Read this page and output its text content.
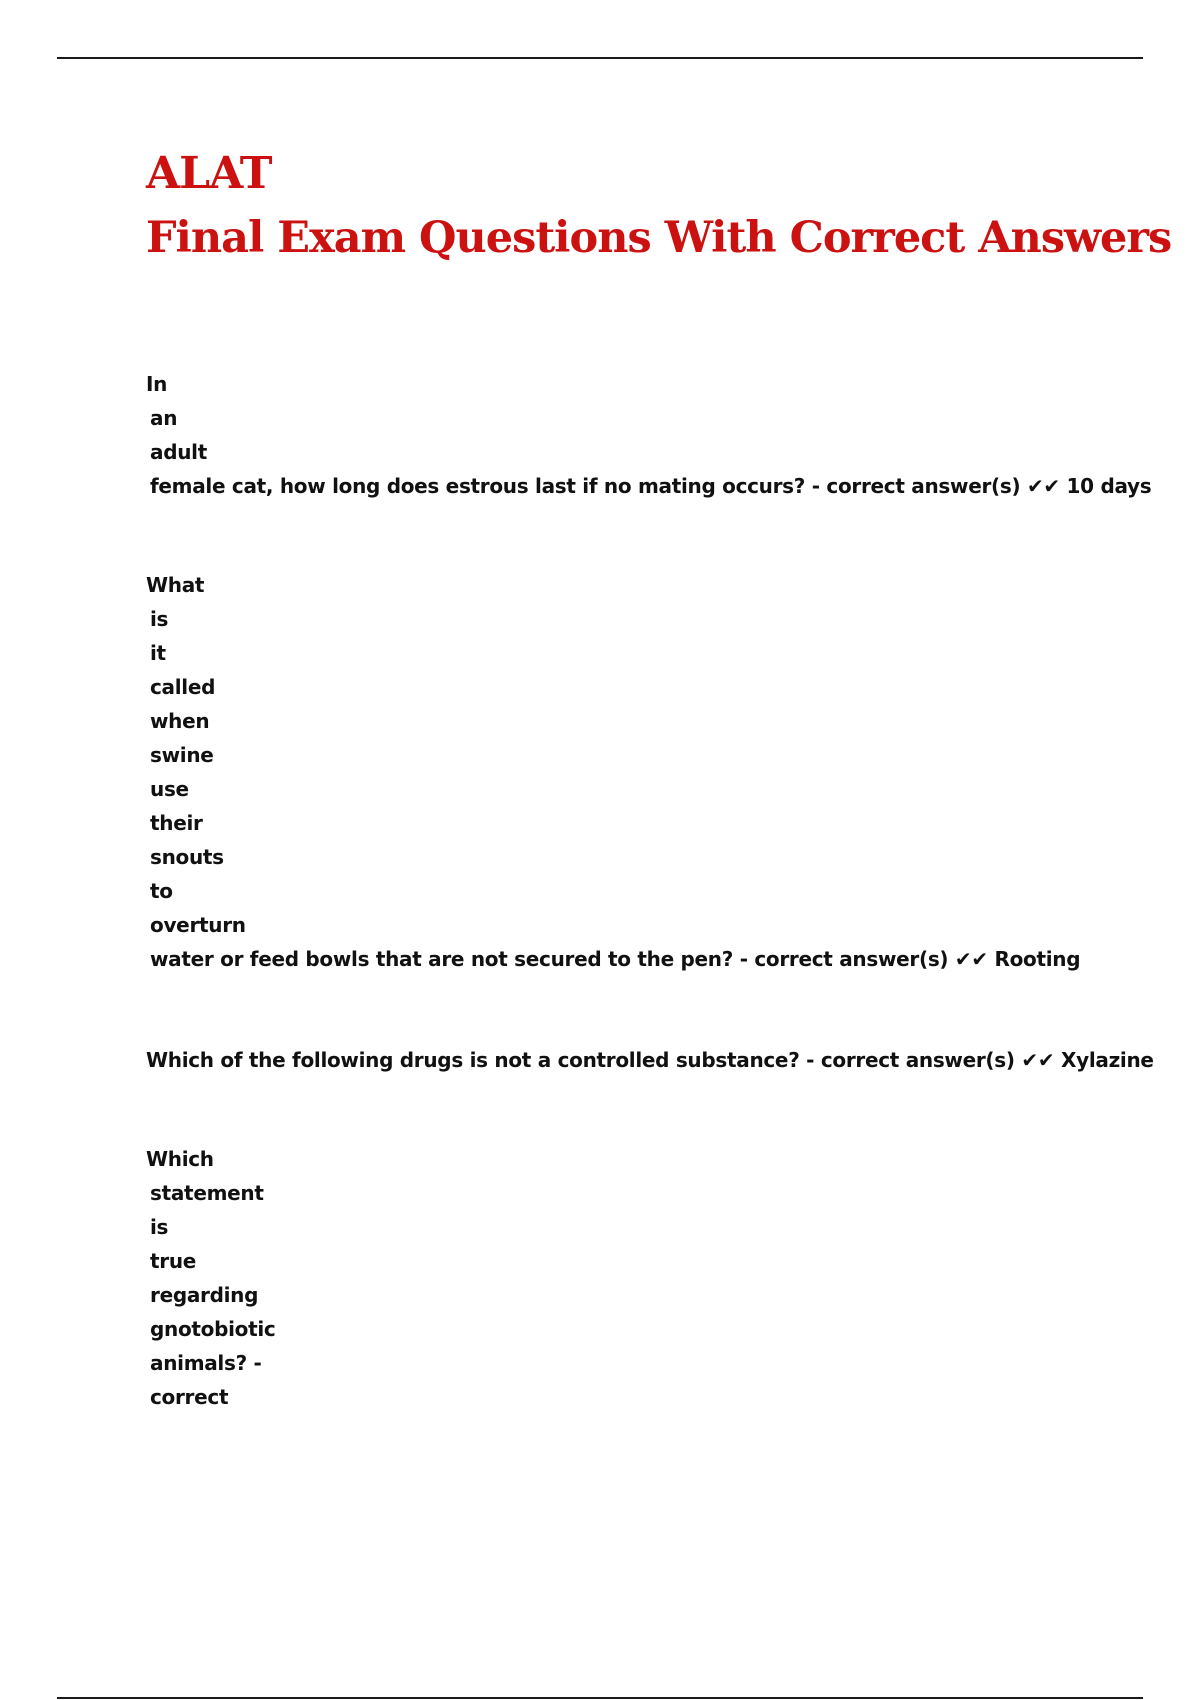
ALAT
Final Exam Questions With Correct Answers
In
an
adult
female cat, how long does estrous last if no mating occurs? - correct answer(s) ✔✔ 10 days
What
is
it
called
when
swine
use
their
snouts
to
overturn
water or feed bowls that are not secured to the pen? - correct answer(s) ✔✔ Rooting
Which of the following drugs is not a controlled substance? - correct answer(s) ✔✔ Xylazine
Which
statement
is
true
regarding
gnotobiotic
animals? -
correct
